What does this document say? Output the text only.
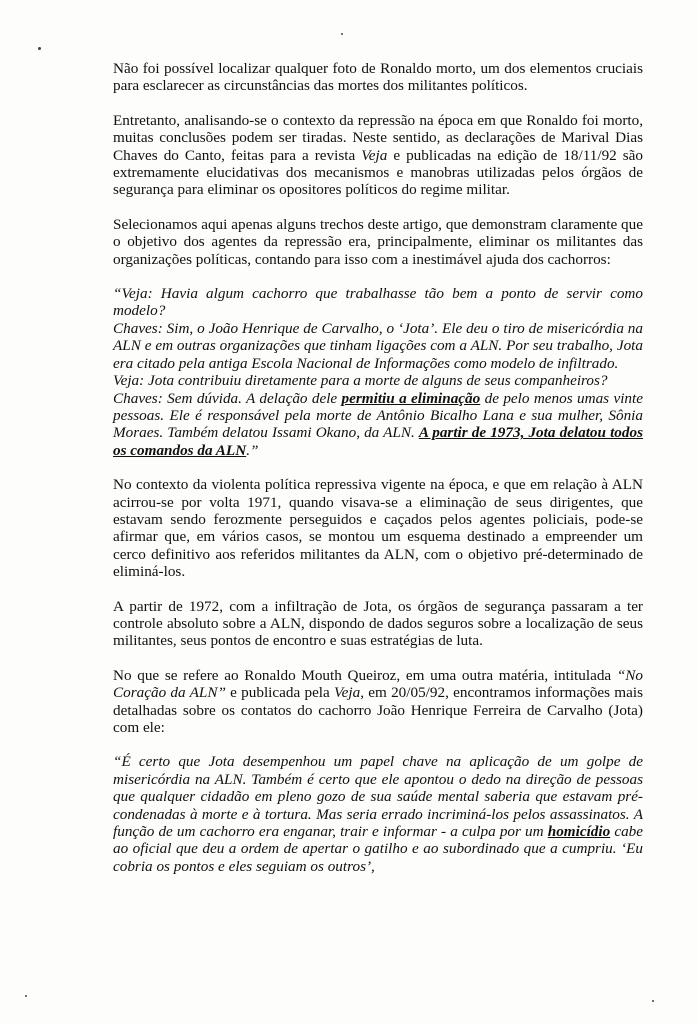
Não foi possível localizar qualquer foto de Ronaldo morto, um dos elementos cruciais para esclarecer as circunstâncias das mortes dos militantes políticos.

Entretanto, analisando-se o contexto da repressão na época em que Ronaldo foi morto, muitas conclusões podem ser tiradas. Neste sentido, as declarações de Marival Dias Chaves do Canto, feitas para a revista Veja e publicadas na edição de 18/11/92 são extremamente elucidativas dos mecanismos e manobras utilizadas pelos órgãos de segurança para eliminar os opositores políticos do regime militar.

Selecionamos aqui apenas alguns trechos deste artigo, que demonstram claramente que o objetivo dos agentes da repressão era, principalmente, eliminar os militantes das organizações políticas, contando para isso com a inestimável ajuda dos cachorros:

“Veja: Havia algum cachorro que trabalhasse tão bem a ponto de servir como modelo?
Chaves: Sim, o João Henrique de Carvalho, o ‘Jota’. Ele deu o tiro de misericórdia na ALN e em outras organizações que tinham ligações com a ALN. Por seu trabalho, Jota era citado pela antiga Escola Nacional de Informações como modelo de infiltrado.
Veja: Jota contribuiu diretamente para a morte de alguns de seus companheiros?
Chaves: Sem dúvida. A delação dele permitiu a eliminação de pelo menos umas vinte pessoas. Ele é responsável pela morte de Antônio Bicalho Lana e sua mulher, Sônia Moraes. Também delatou Issami Okano, da ALN. A partir de 1973, Jota delatou todos os comandos da ALN.”

No contexto da violenta política repressiva vigente na época, e que em relação à ALN acirrou-se por volta 1971, quando visava-se a eliminação de seus dirigentes, que estavam sendo ferozmente perseguidos e caçados pelos agentes policiais, pode-se afirmar que, em vários casos, se montou um esquema destinado a empreender um cerco definitivo aos referidos militantes da ALN, com o objetivo pré-determinado de eliminá-los.

A partir de 1972, com a infiltração de Jota, os órgãos de segurança passaram a ter controle absoluto sobre a ALN, dispondo de dados seguros sobre a localização de seus militantes, seus pontos de encontro e suas estratégias de luta.

No que se refere ao Ronaldo Mouth Queiroz, em uma outra matéria, intitulada “No Coração da ALN” e publicada pela Veja, em 20/05/92, encontramos informações mais detalhadas sobre os contatos do cachorro João Henrique Ferreira de Carvalho (Jota) com ele:

“É certo que Jota desempenhou um papel chave na aplicação de um golpe de misericórdia na ALN. Também é certo que ele apontou o dedo na direção de pessoas que qualquer cidadão em pleno gozo de sua saúde mental saberia que estavam pré-condenadas à morte e à tortura. Mas seria errado incriminá-los pelos assassinatos. A função de um cachorro era enganar, trair e informar - a culpa por um homicídio cabe ao oficial que deu a ordem de apertar o gatilho e ao subordinado que a cumpriu. ‘Eu cobria os pontos e eles seguiam os outros’,
